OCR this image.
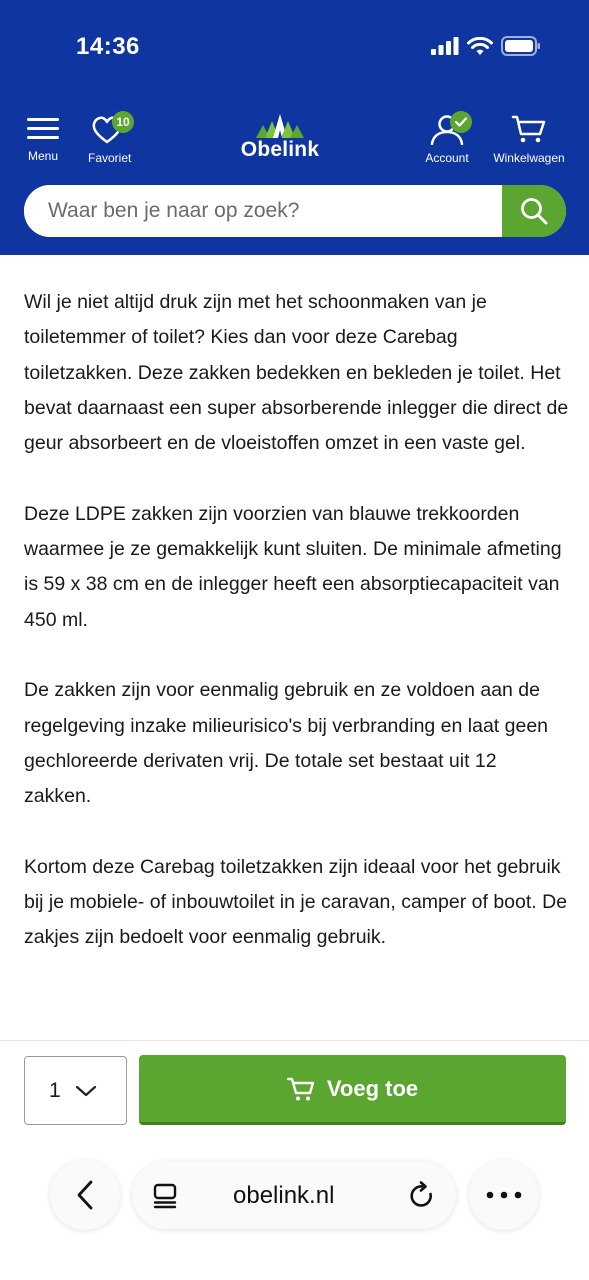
14:36
Menu Favoriet
10
Obelink	Account Winkelwagen
Waar ben je naar op zoek?

Wil je niet altijd druk zijn met het schoonmaken van je toiletemmer of toilet? Kies dan voor deze Carebag toiletzakken. Deze zakken bedekken en bekleden je toilet. Het bevat daarnaast een super absorberende inlegger die direct de geur absorbeert en de vloeistoffen omzet in een vaste gel.

Deze LDPE zakken zijn voorzien van blauwe trekkoorden waarmee je ze gemakkelijk kunt sluiten. De minimale afmeting is 59 x 38 cm en de inlegger heeft een absorptiecapaciteit van 450 ml.

De zakken zijn voor eenmalig gebruik en ze voldoen aan de regelgeving inzake milieurisico's bij verbranding en laat geen gechloreerde derivaten vrij. De totale set bestaat uit 12 zakken.

Kortom deze Carebag toiletzakken zijn ideaal voor het gebruik bij je mobiele- of inbouwtoilet in je caravan, camper of boot. De zakjes zijn bedoelt voor eenmalig gebruik.

1	Voeg toe
obelink.nl
